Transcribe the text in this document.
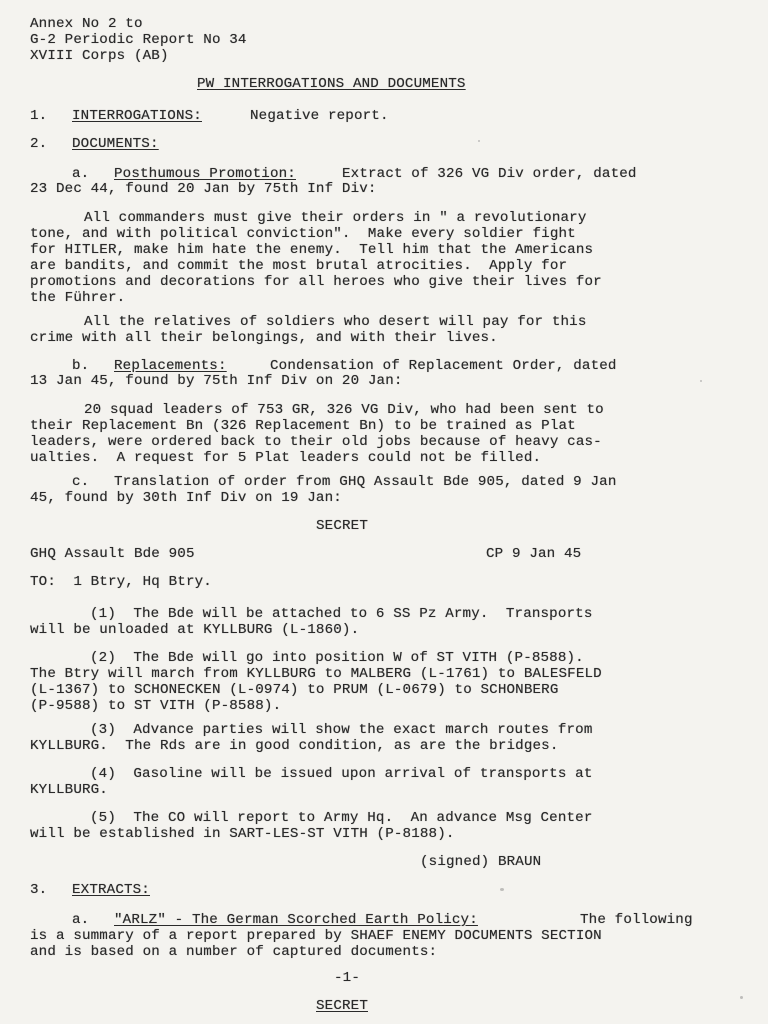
Annex No 2 to
G-2 Periodic Report No 34
XVIII Corps (AB)
PW INTERROGATIONS AND DOCUMENTS
1. INTERROGATIONS:	Negative report.
2. DOCUMENTS:
a. Posthumous Promotion:	Extract of 326 VG Div order, dated
23 Dec 44, found 20 Jan by 75th Inf Div:
All commanders must give their orders in " a revolutionary
tone, and with political conviction".  Make every soldier fight
for HITLER, make him hate the enemy.  Tell him that the Americans
are bandits, and commit the most brutal atrocities.  Apply for
promotions and decorations for all heroes who give their lives for
the Führer.
All the relatives of soldiers who desert will pay for this
crime with all their belongings, and with their lives.
b. Replacements:	Condensation of Replacement Order, dated
13 Jan 45, found by 75th Inf Div on 20 Jan:
20 squad leaders of 753 GR, 326 VG Div, who had been sent to
their Replacement Bn (326 Replacement Bn) to be trained as Plat
leaders, were ordered back to their old jobs because of heavy cas-
ualties.  A request for 5 Plat leaders could not be filled.
c. Translation of order from GHQ Assault Bde 905, dated 9 Jan
45, found by 30th Inf Div on 19 Jan:
SECRET
GHQ Assault Bde 905	CP 9 Jan 45
TO:  1 Btry, Hq Btry.
(1)  The Bde will be attached to 6 SS Pz Army.  Transports
will be unloaded at KYLLBURG (L-1860).
(2)  The Bde will go into position W of ST VITH (P-8588).
The Btry will march from KYLLBURG to MALBERG (L-1761) to BALESFELD
(L-1367) to SCHONECKEN (L-0974) to PRUM (L-0679) to SCHONBERG
(P-9588) to ST VITH (P-8588).
(3)  Advance parties will show the exact march routes from
KYLLBURG.  The Rds are in good condition, as are the bridges.
(4)  Gasoline will be issued upon arrival of transports at
KYLLBURG.
(5)  The CO will report to Army Hq.  An advance Msg Center
will be established in SART-LES-ST VITH (P-8188).
(signed) BRAUN
3. EXTRACTS:
a. "ARLZ" - The German Scorched Earth Policy:	The following
is a summary of a report prepared by SHAEF ENEMY DOCUMENTS SECTION
and is based on a number of captured documents:
-1-
SECRET
